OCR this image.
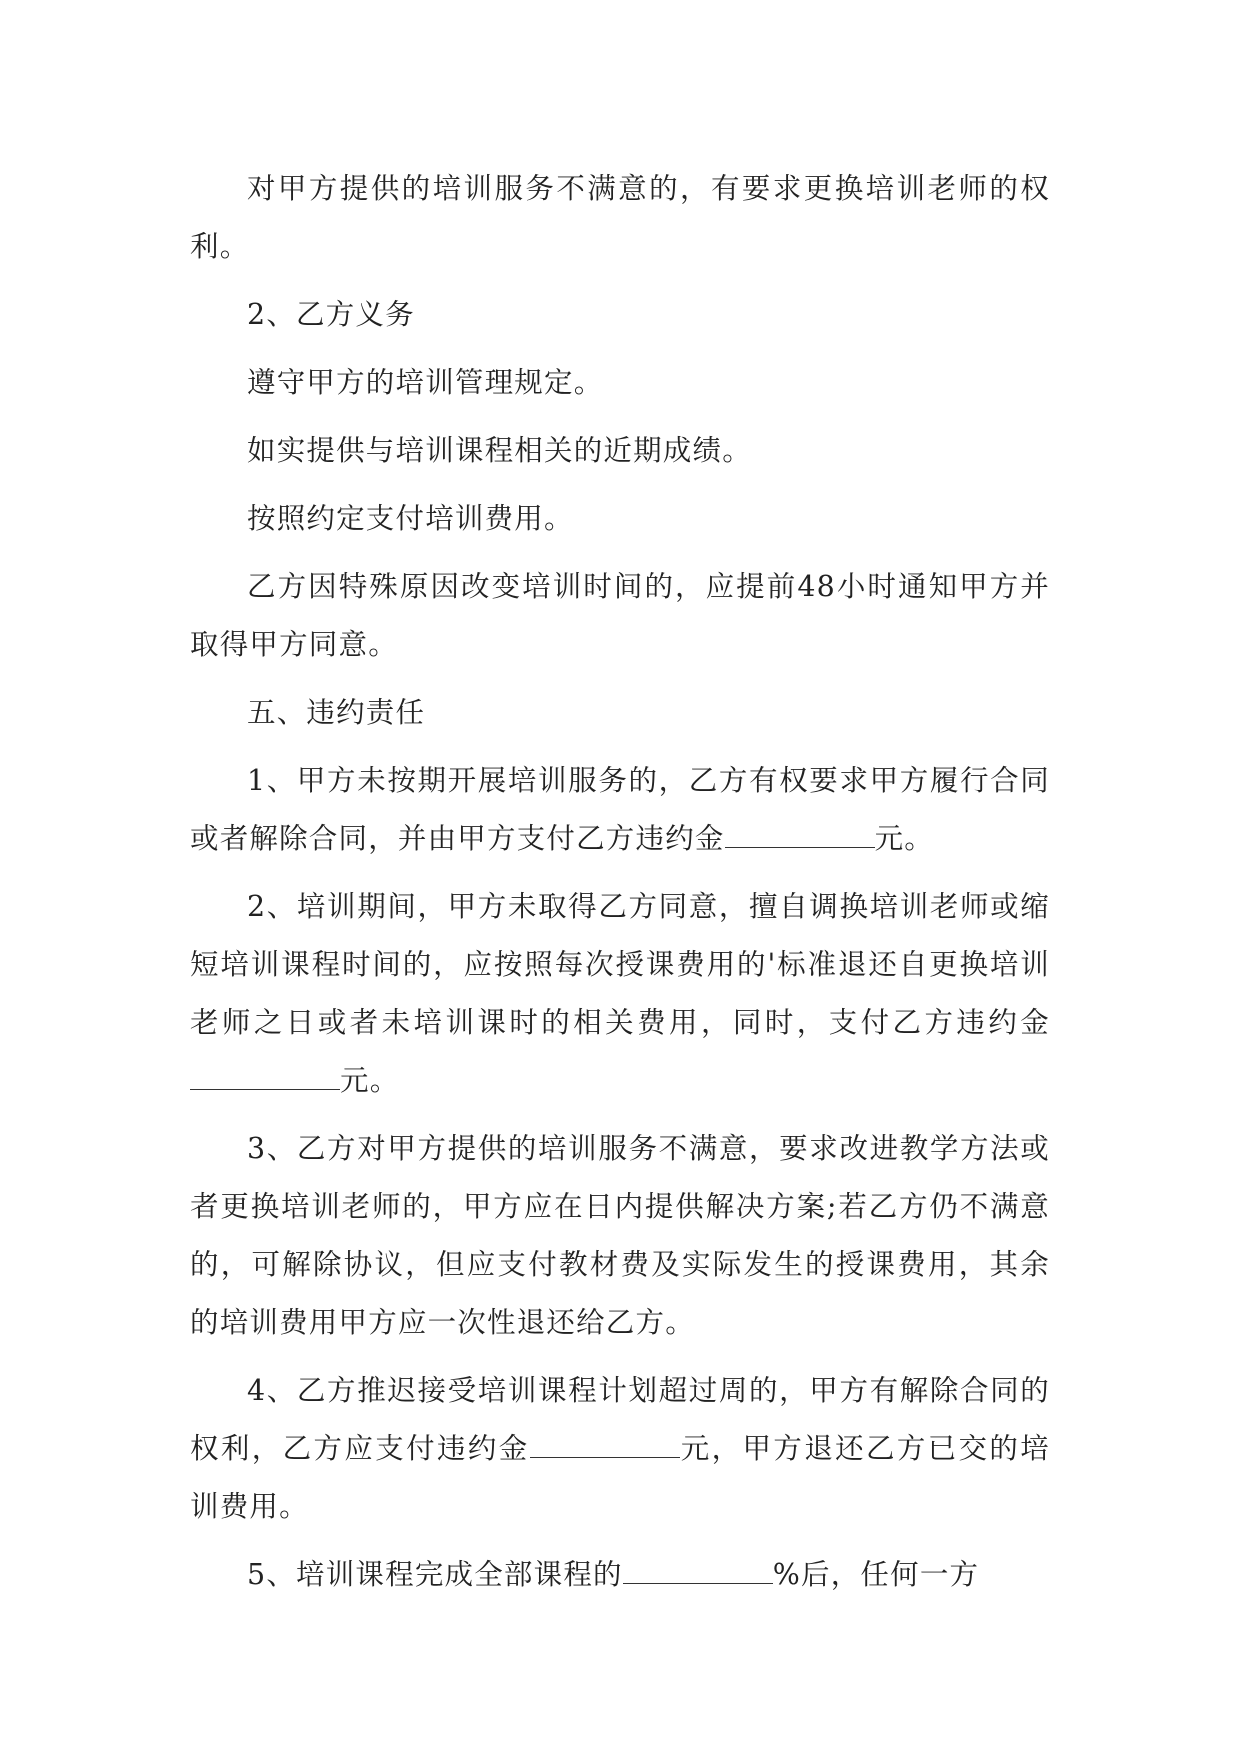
对甲方提供的培训服务不满意的，有要求更换培训老师的权利。

2、乙方义务

遵守甲方的培训管理规定。

如实提供与培训课程相关的近期成绩。

按照约定支付培训费用。

乙方因特殊原因改变培训时间的，应提前48小时通知甲方并取得甲方同意。

五、违约责任

1、甲方未按期开展培训服务的，乙方有权要求甲方履行合同或者解除合同，并由甲方支付乙方违约金	元。

2、培训期间，甲方未取得乙方同意，擅自调换培训老师或缩短培训课程时间的，应按照每次授课费用的'标准退还自更换培训老师之日或者未培训课时的相关费用，同时，支付乙方违约金元。

3、乙方对甲方提供的培训服务不满意，要求改进教学方法或者更换培训老师的，甲方应在日内提供解决方案;若乙方仍不满意的，可解除协议，但应支付教材费及实际发生的授课费用，其余的培训费用甲方应一次性退还给乙方。

4、乙方推迟接受培训课程计划超过周的，甲方有解除合同的权利，乙方应支付违约金	元，甲方退还乙方已交的培训费用。

5、培训课程完成全部课程的	%后，任何一方
